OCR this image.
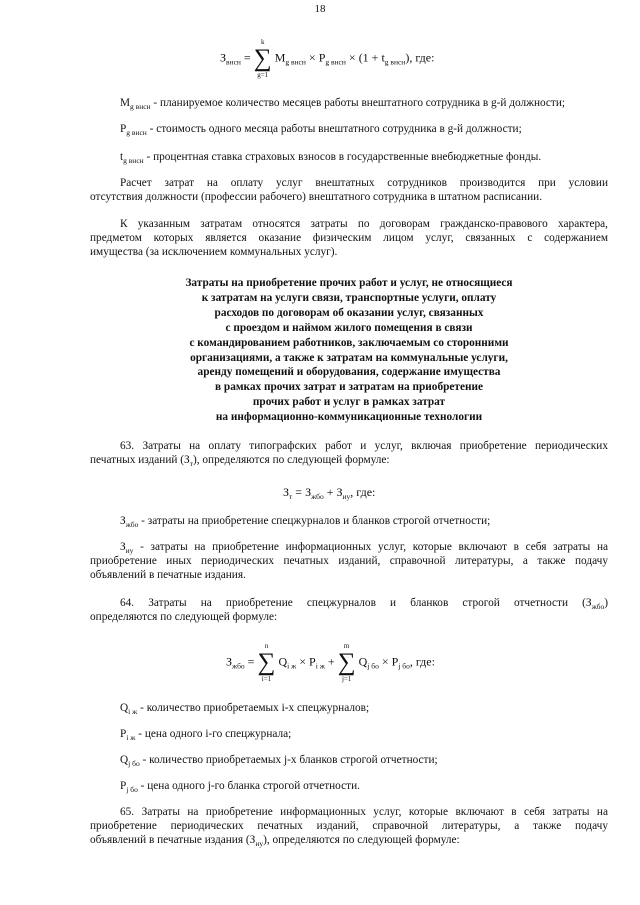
18
$З_{внсн}$ =
k
∑
g=1
$M_{g внсн} \times P_{g внсн} \times (1 + t_{g внсн})$, где:
$M_{g внсн}$ - планируемое количество месяцев работы внештатного сотрудника в g-й должности;
$P_{g внсн}$ - стоимость одного месяца работы внештатного сотрудника в g-й должности;
$t_{g внсн}$ - процентная ставка страховых взносов в государственные внебюджетные фонды.
Расчет затрат на оплату услуг внештатных сотрудников производится при условии
отсутствия должности (профессии рабочего) внештатного сотрудника в штатном расписании.
К указанным затратам относятся затраты по договорам гражданско-правового характера,
предметом которых является оказание физическим лицом услуг, связанных с содержанием
имущества (за исключением коммунальных услуг).
Затраты на приобретение прочих работ и услуг, не относящиеся
к затратам на услуги связи, транспортные услуги, оплату
расходов по договорам об оказании услуг, связанных
с проездом и наймом жилого помещения в связи
с командированием работников, заключаемым со сторонними
организациями, а также к затратам на коммунальные услуги,
аренду помещений и оборудования, содержание имущества
в рамках прочих затрат и затратам на приобретение
прочих работ и услуг в рамках затрат
на информационно-коммуникационные технологии
63. Затраты на оплату типографских работ и услуг, включая приобретение периодических
печатных изданий $(З_т)$, определяются по следующей формуле:
$З_т = З_{жбо} + З_{иу}$, где:
$З_{жбо}$ - затраты на приобретение спецжурналов и бланков строгой отчетности;
$З_{иу}$ - затраты на приобретение информационных услуг, которые включают в себя затраты на
приобретение иных периодических печатных изданий, справочной литературы, а также подачу
объявлений в печатные издания.
64. Затраты на приобретение спецжурналов и бланков строгой отчетности $(З_{жбо})$
определяются по следующей формуле:
$З_{жбо}$ =
n
∑
i=1
$Q_{i ж} \times P_{i ж}$ +
m
∑
j=1
$Q_{j бо} \times P_{j бо}$, где:
$Q_{i ж}$ - количество приобретаемых i-х спецжурналов;
$P_{i ж}$ - цена одного i-го спецжурнала;
$Q_{j бо}$ - количество приобретаемых j-х бланков строгой отчетности;
$P_{j бо}$ - цена одного j-го бланка строгой отчетности.
65. Затраты на приобретение информационных услуг, которые включают в себя затраты на
приобретение периодических печатных изданий, справочной литературы, а также подачу
объявлений в печатные издания $(З_{иу})$, определяются по следующей формуле:
